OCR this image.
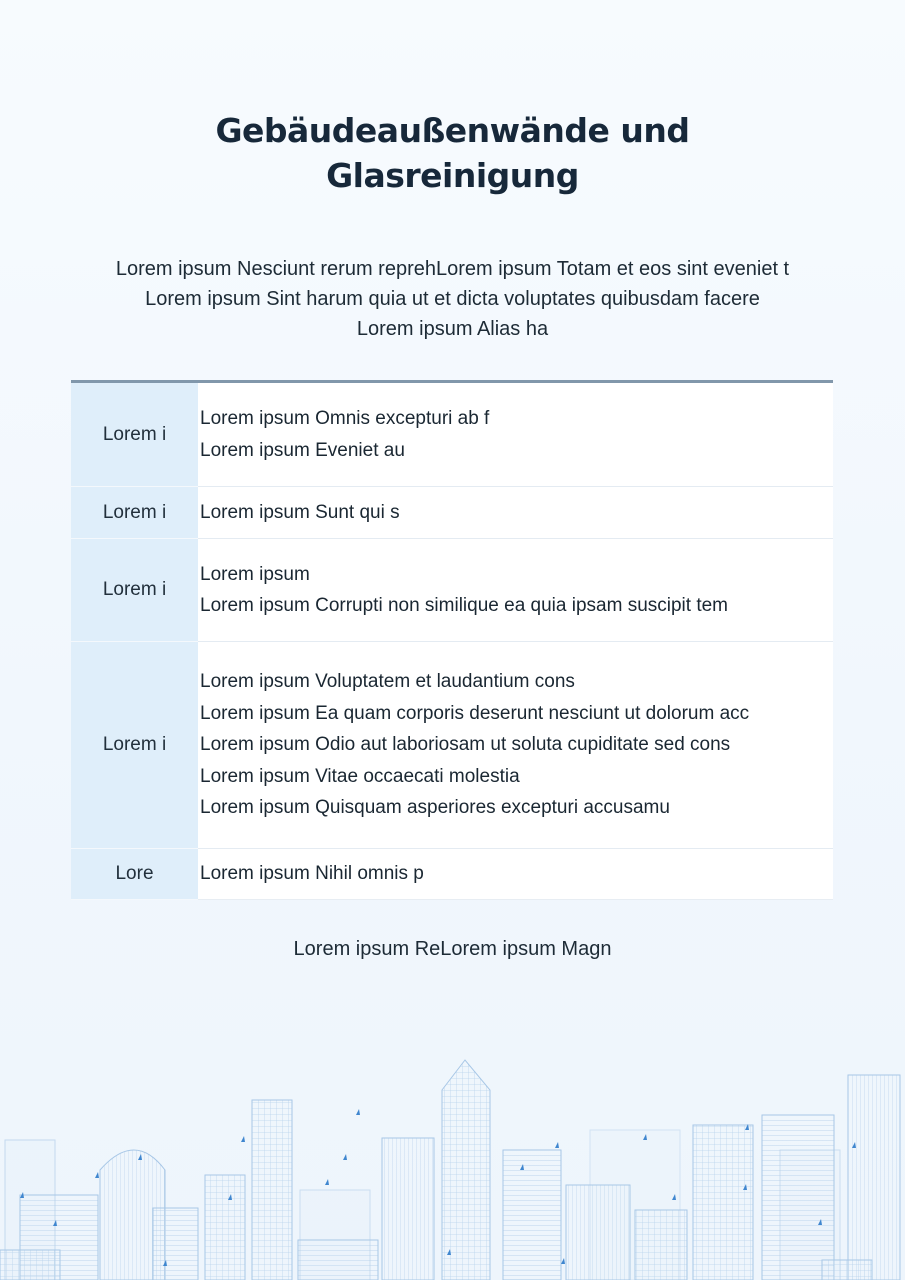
Gebäudeaußenwände und
Glasreinigung
Lorem ipsum Nesciunt rerum reprehLorem ipsum Totam et eos sint eveniet t
Lorem ipsum Sint harum quia ut et dicta voluptates quibusdam facere
Lorem ipsum Alias ha
Lorem i
Lorem ipsum Omnis excepturi ab f
Lorem ipsum Eveniet au
Lorem i	Lorem ipsum Sunt qui s
Lorem i
Lorem ipsum
Lorem ipsum Corrupti non similique ea quia ipsam suscipit tem
Lorem i
Lorem ipsum Voluptatem et laudantium cons
Lorem ipsum Ea quam corporis deserunt nesciunt ut dolorum acc
Lorem ipsum Odio aut laboriosam ut soluta cupiditate sed cons
Lorem ipsum Vitae occaecati molestia
Lorem ipsum Quisquam asperiores excepturi accusamu
Lore	Lorem ipsum Nihil omnis p
Lorem ipsum ReLorem ipsum Magn
